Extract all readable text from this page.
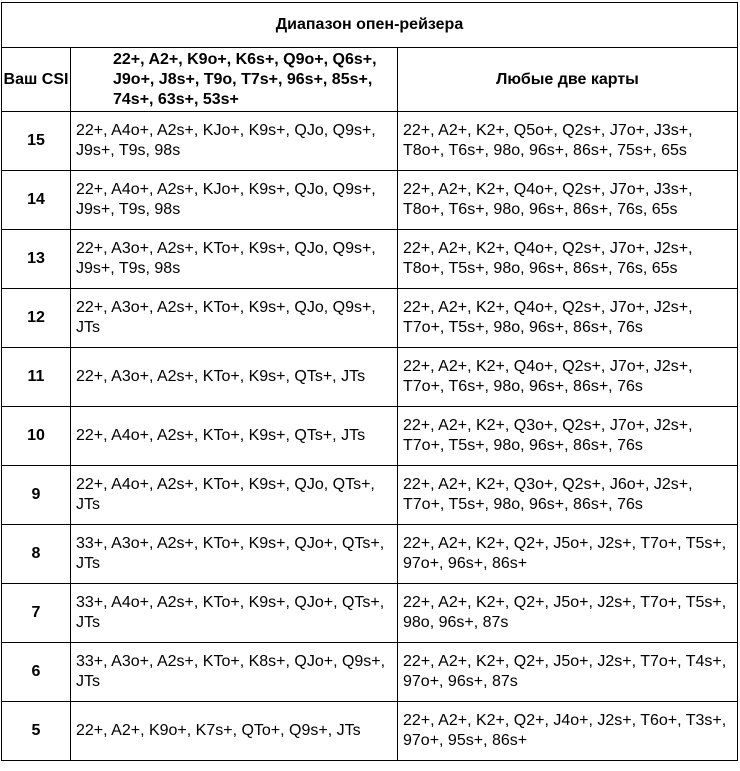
Диапазон опен-рейзера		
Ваш CSI	22+, A2+, K9o+, K6s+, Q9o+, Q6s+, J9o+, J8s+, T9o, T7s+, 96s+, 85s+, 74s+, 63s+, 53s+	Любые две карты
15	22+, A4o+, A2s+, KJo+, K9s+, QJo, Q9s+, J9s+, T9s, 98s	22+, A2+, K2+, Q5o+, Q2s+, J7o+, J3s+, T8o+, T6s+, 98o, 96s+, 86s+, 75s+, 65s
14	22+, A4o+, A2s+, KJo+, K9s+, QJo, Q9s+, J9s+, T9s, 98s	22+, A2+, K2+, Q4o+, Q2s+, J7o+, J3s+, T8o+, T6s+, 98o, 96s+, 86s+, 76s, 65s
13	22+, A3o+, A2s+, KTo+, K9s+, QJo, Q9s+, J9s+, T9s, 98s	22+, A2+, K2+, Q4o+, Q2s+, J7o+, J2s+, T8o+, T5s+, 98o, 96s+, 86s+, 76s, 65s
12	22+, A3o+, A2s+, KTo+, K9s+, QJo, Q9s+, JTs	22+, A2+, K2+, Q4o+, Q2s+, J7o+, J2s+, T7o+, T5s+, 98o, 96s+, 86s+, 76s
11	22+, A3o+, A2s+, KTo+, K9s+, QTs+, JTs	22+, A2+, K2+, Q4o+, Q2s+, J7o+, J2s+, T7o+, T6s+, 98o, 96s+, 86s+, 76s
10	22+, A4o+, A2s+, KTo+, K9s+, QTs+, JTs	22+, A2+, K2+, Q3o+, Q2s+, J7o+, J2s+, T7o+, T5s+, 98o, 96s+, 86s+, 76s
9	22+, A4o+, A2s+, KTo+, K9s+, QJo, QTs+, JTs	22+, A2+, K2+, Q3o+, Q2s+, J6o+, J2s+, T7o+, T5s+, 98o, 96s+, 86s+, 76s
8	33+, A3o+, A2s+, KTo+, K9s+, QJo+, QTs+, JTs	22+, A2+, K2+, Q2+, J5o+, J2s+, T7o+, T5s+, 97o+, 96s+, 86s+
7	33+, A4o+, A2s+, KTo+, K9s+, QJo+, QTs+, JTs	22+, A2+, K2+, Q2+, J5o+, J2s+, T7o+, T5s+, 98o, 96s+, 87s
6	33+, A3o+, A2s+, KTo+, K8s+, QJo+, Q9s+, JTs	22+, A2+, K2+, Q2+, J5o+, J2s+, T7o+, T4s+, 97o+, 96s+, 87s
5	22+, A2+, K9o+, K7s+, QTo+, Q9s+, JTs	22+, A2+, K2+, Q2+, J4o+, J2s+, T6o+, T3s+, 97o+, 95s+, 86s+
